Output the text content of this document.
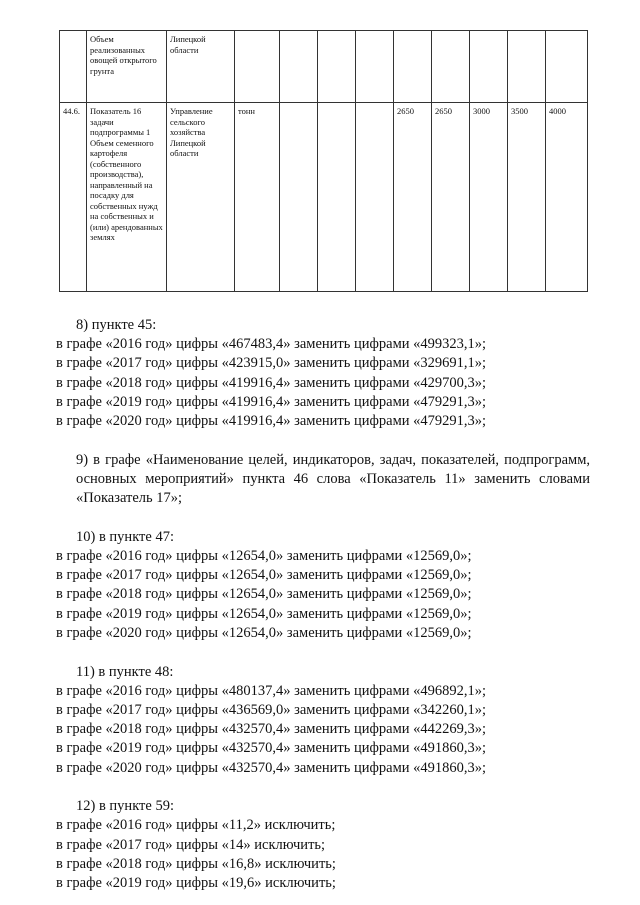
	Объем реализованных овощей открытого грунта	Липецкой области									
44.6.	Показатель 16 задачи подпрограммы 1 Объем семенного картофеля (собственного производства), направленный на посадку для собственных нужд на собственных и (или) арендованных землях	Управление сельского хозяйства Липецкой области	тонн				2650	2650	3000	3500	4000

8) пункте 45:

в графе «2016 год» цифры «467483,4» заменить цифрами «499323,1»;

в графе «2017 год» цифры «423915,0» заменить цифрами «329691,1»;

в графе «2018 год» цифры «419916,4» заменить цифрами «429700,3»;

в графе «2019 год» цифры «419916,4» заменить цифрами «479291,3»;

в графе «2020 год» цифры «419916,4» заменить цифрами «479291,3»;

9) в графе «Наименование целей, индикаторов, задач, показателей, подпрограмм, основных мероприятий» пункта 46 слова «Показатель 11» заменить словами «Показатель 17»;

10) в пункте 47:

в графе «2016 год» цифры «12654,0» заменить цифрами «12569,0»;

в графе «2017 год» цифры «12654,0» заменить цифрами «12569,0»;

в графе «2018 год» цифры «12654,0» заменить цифрами «12569,0»;

в графе «2019 год» цифры «12654,0» заменить цифрами «12569,0»;

в графе «2020 год» цифры «12654,0» заменить цифрами «12569,0»;

11) в пункте 48:

в графе «2016 год» цифры «480137,4» заменить цифрами «496892,1»;

в графе «2017 год» цифры «436569,0» заменить цифрами «342260,1»;

в графе «2018 год» цифры «432570,4» заменить цифрами «442269,3»;

в графе «2019 год» цифры «432570,4» заменить цифрами «491860,3»;

в графе «2020 год» цифры «432570,4» заменить цифрами «491860,3»;

12) в пункте 59:

в графе «2016 год» цифры «11,2» исключить;

в графе «2017 год» цифры «14» исключить;

в графе «2018 год» цифры «16,8» исключить;

в графе «2019 год» цифры «19,6» исключить;
